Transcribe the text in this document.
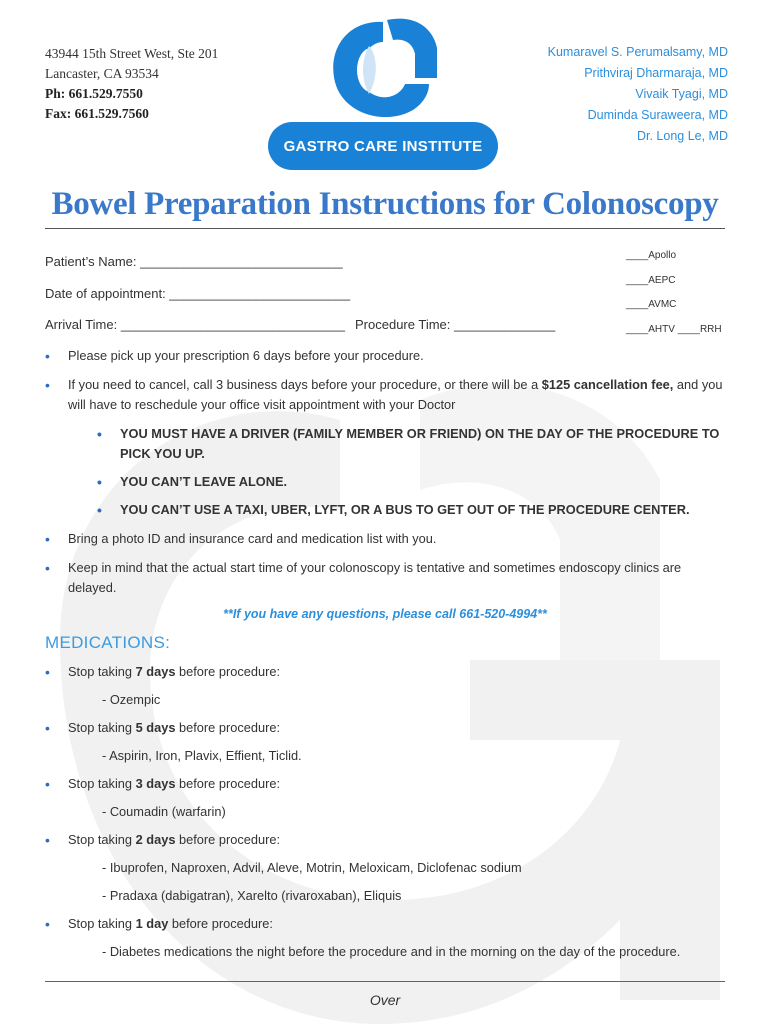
43944 15th Street West, Ste 201
Lancaster, CA 93534
Ph: 661.529.7550
Fax: 661.529.7560
GASTRO CARE INSTITUTE
Kumaravel S. Perumalsamy, MD
Prithviraj Dharmaraja, MD
Vivaik Tyagi, MD
Duminda Suraweera, MD
Dr. Long Le, MD
Bowel Preparation Instructions for Colonoscopy
Patient’s Name: ____________________________
Date of appointment: _________________________
Arrival Time: _______________________________ Procedure Time: ______________
____Apollo
____AEPC
____AVMC
____AHTV ____RRH
• Please pick up your prescription 6 days before your procedure.
• If you need to cancel, call 3 business days before your procedure, or there will be a $125 cancellation fee, and you will have to reschedule your office visit appointment with your Doctor
• YOU MUST HAVE A DRIVER (FAMILY MEMBER OR FRIEND) ON THE DAY OF THE PROCEDURE TO PICK YOU UP.
• YOU CAN’T LEAVE ALONE.
• YOU CAN’T USE A TAXI, UBER, LYFT, OR A BUS TO GET OUT OF THE PROCEDURE CENTER.
• Bring a photo ID and insurance card and medication list with you.
• Keep in mind that the actual start time of your colonoscopy is tentative and sometimes endoscopy clinics are delayed.
**If you have any questions, please call 661-520-4994**
MEDICATIONS:
• Stop taking 7 days before procedure:
- Ozempic
• Stop taking 5 days before procedure:
- Aspirin, Iron, Plavix, Effient, Ticlid.
• Stop taking 3 days before procedure:
- Coumadin (warfarin)
• Stop taking 2 days before procedure:
- Ibuprofen, Naproxen, Advil, Aleve, Motrin, Meloxicam, Diclofenac sodium
- Pradaxa (dabigatran), Xarelto (rivaroxaban), Eliquis
• Stop taking 1 day before procedure:
- Diabetes medications the night before the procedure and in the morning on the day of the procedure.
Over
